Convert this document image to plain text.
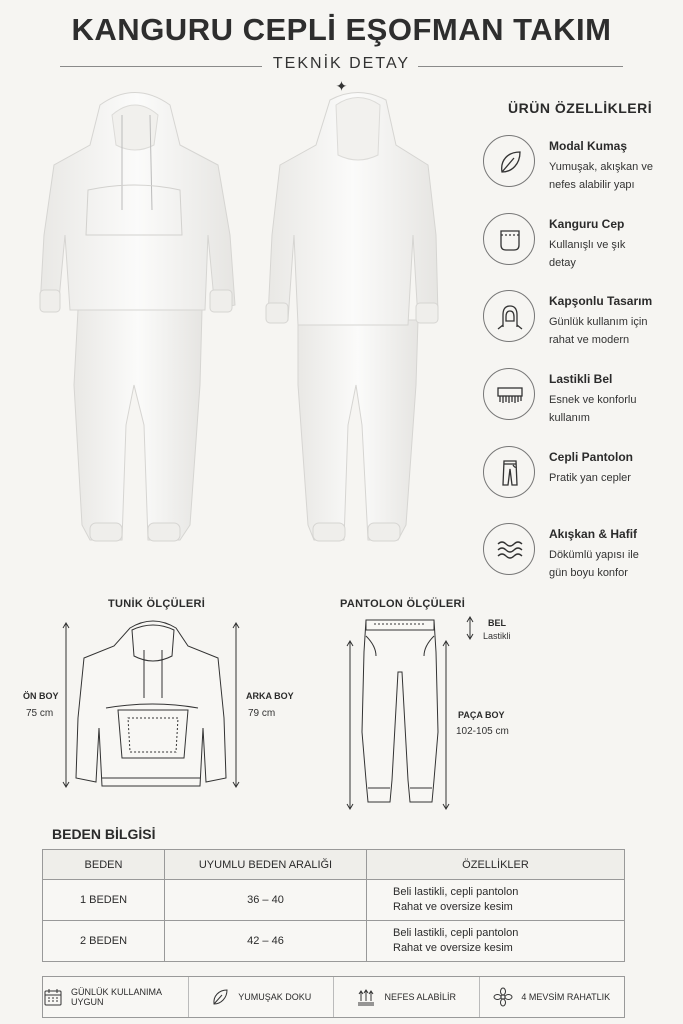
KANGURU CEPLİ EŞOFMAN TAKIM
TEKNİK DETAY
✦
ÜRÜN ÖZELLİKLERİ
Modal Kumaş
Yumuşak, akışkan ve nefes alabilir yapı
Kanguru Cep
Kullanışlı ve şık detay
Kapşonlu Tasarım
Günlük kullanım için rahat ve modern
Lastikli Bel
Esnek ve konforlu kullanım
Cepli Pantolon
Pratik yan cepler
Akışkan & Hafif
Dökümlü yapısı ile gün boyu konfor
TUNİK ÖLÇÜLERİ
ÖN BOY
75 cm
ARKA BOY
79 cm
PANTOLON ÖLÇÜLERİ
BEL
Lastikli
PAÇA BOY
102-105 cm
BEDEN BİLGİSİ
BEDEN	UYUMLU BEDEN ARALIĞI	ÖZELLİKLER
1 BEDEN	36 – 40	Beli lastikli, cepli pantolon
Rahat ve oversize kesim

2 BEDEN	42 – 46	Beli lastikli, cepli pantolon
Rahat ve oversize kesim
GÜNLÜK KULLANIMA UYGUN	YUMUŞAK DOKU	NEFES ALABİLİR	4 MEVSİM RAHATLIK
